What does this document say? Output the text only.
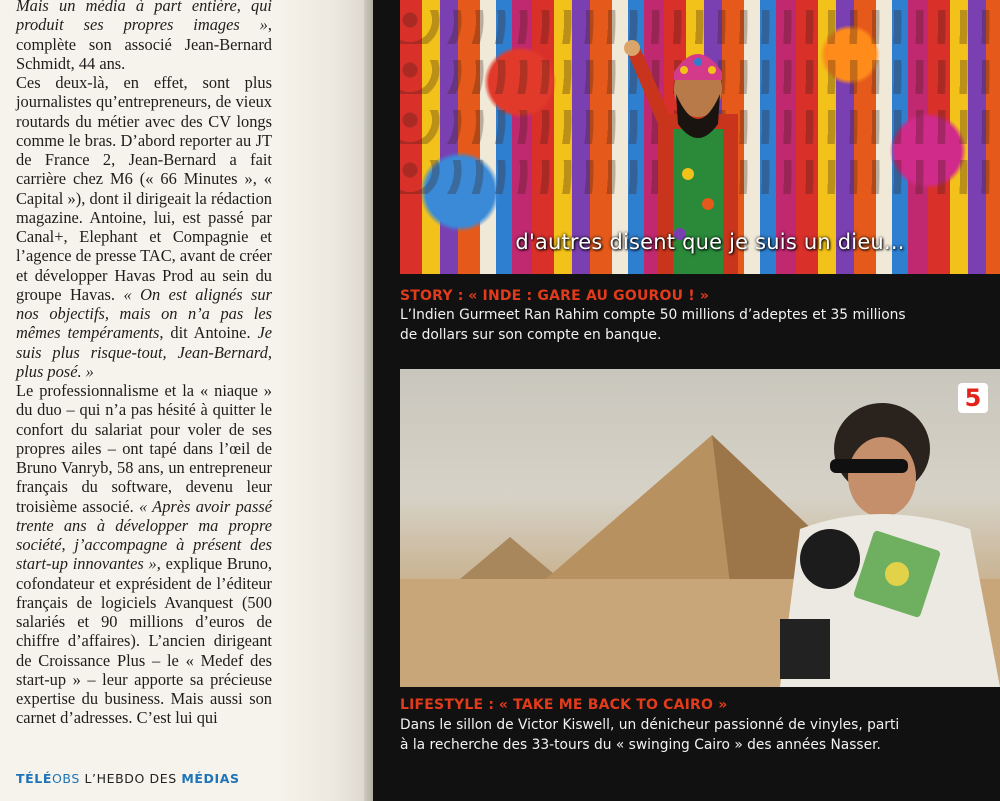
Mais un média à part entière, qui produit ses propres images », complète son associé Jean-Bernard Schmidt, 44 ans.

Ces deux-là, en effet, sont plus journalistes qu’entrepreneurs, de vieux routards du métier avec des CV longs comme le bras. D’abord reporter au JT de France 2, Jean-Bernard a fait carrière chez M6 (« 66 Minutes », « Capital »), dont il dirigeait la rédaction magazine. Antoine, lui, est passé par Canal+, Elephant et Compagnie et l’agence de presse TAC, avant de créer et développer Havas Prod au sein du groupe Havas. « On est alignés sur nos objectifs, mais on n’a pas les mêmes tempéraments, dit Antoine. Je suis plus risque-tout, Jean-Bernard, plus posé. »

Le professionnalisme et la « niaque » du duo – qui n’a pas hésité à quitter le confort du salariat pour voler de ses propres ailes – ont tapé dans l’œil de Bruno Vanryb, 58 ans, un entrepreneur français du software, devenu leur troisième associé. « Après avoir passé trente ans à développer ma propre société, j’accompagne à présent des start-up innovantes », explique Bruno, cofondateur et exprésident de l’éditeur français de logiciels Avanquest (500 salariés et 90 millions d’euros de chiffre d’affaires). L’ancien dirigeant de Croissance Plus – le « Medef des start-up » – leur apporte sa précieuse expertise du business. Mais aussi son carnet d’adresses. C’est lui qui

TÉLÉOBS L’HEBDO DES MÉDIAS
d'autres disent que je suis un dieu...
STORY : « INDE : GARE AU GOUROU ! »
L’Indien Gurmeet Ran Rahim compte 50 millions d’adeptes et 35 millions
de dollars sur son compte en banque.
5
LIFESTYLE : « TAKE ME BACK TO CAIRO »
Dans le sillon de Victor Kiswell, un dénicheur passionné de vinyles, parti
à la recherche des 33-tours du « swinging Cairo » des années Nasser.
